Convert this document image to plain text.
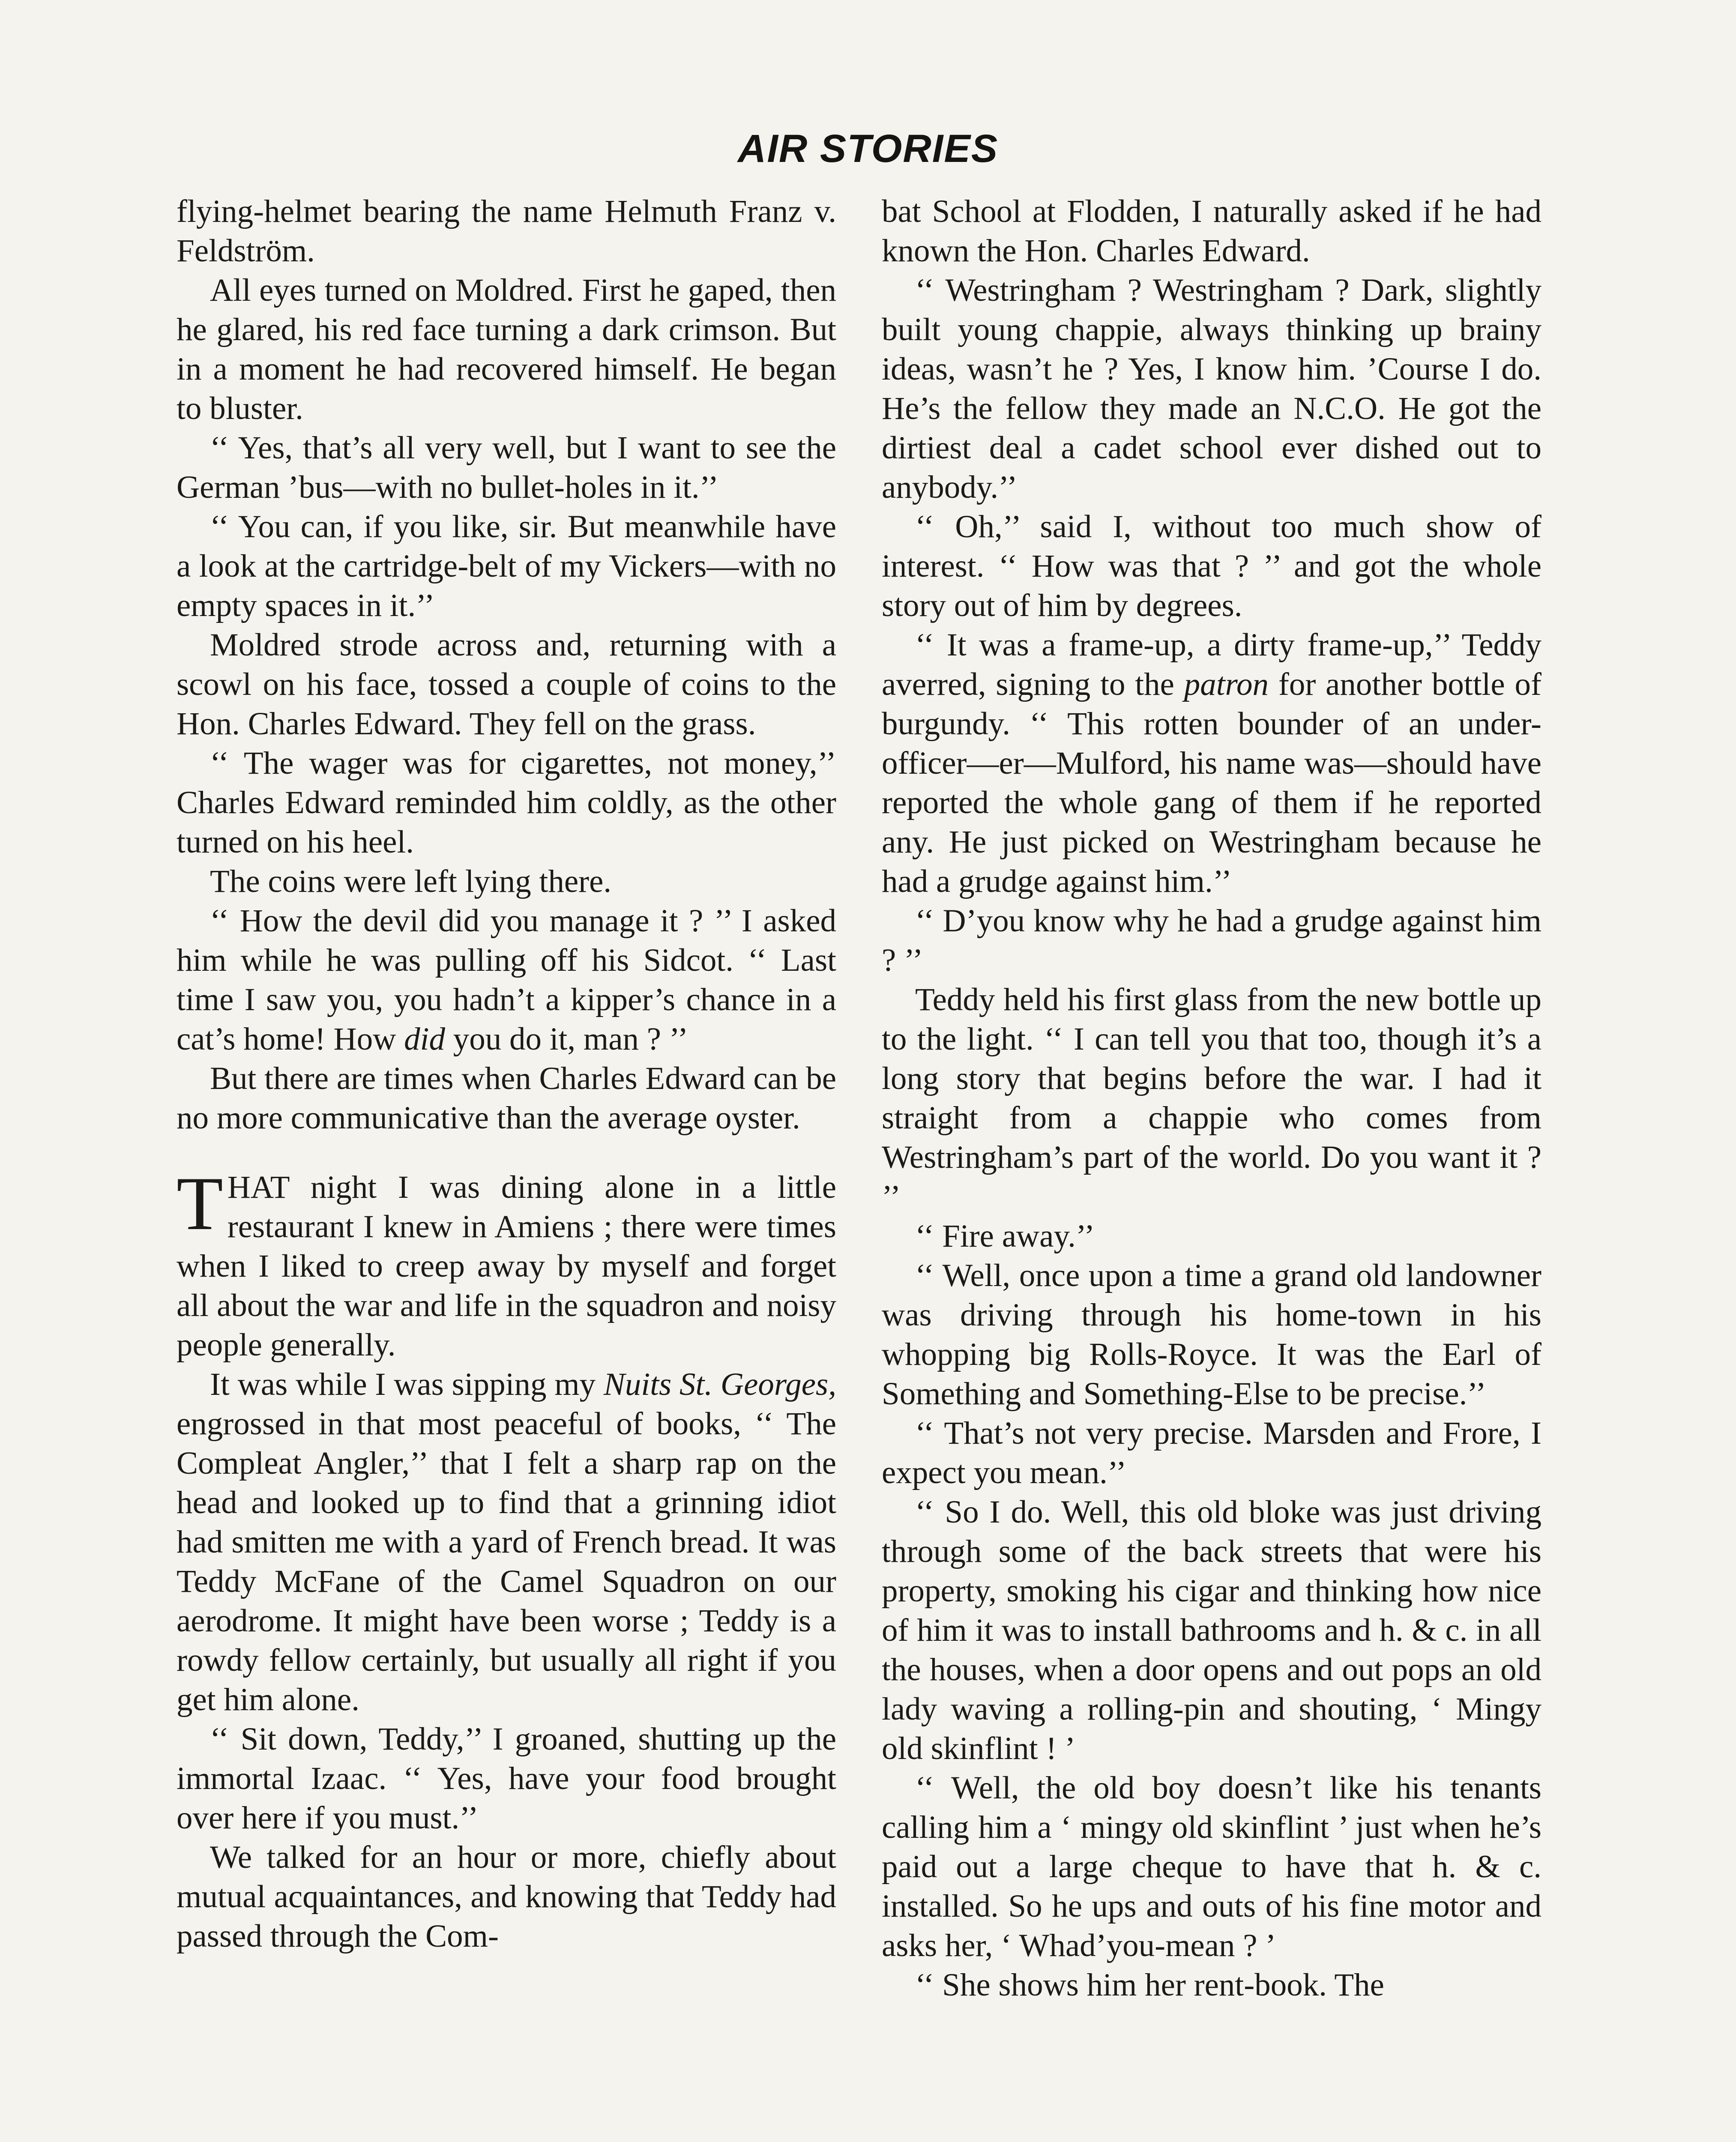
AIR STORIES

flying-helmet bearing the name Helmuth Franz v. Feldström.

All eyes turned on Moldred. First he gaped, then he glared, his red face turning a dark crimson. But in a moment he had recovered himself. He began to bluster.

‘‘ Yes, that’s all very well, but I want to see the German ’bus—with no bullet-holes in it.’’

‘‘ You can, if you like, sir. But meanwhile have a look at the cartridge-belt of my Vickers—with no empty spaces in it.’’

Moldred strode across and, returning with a scowl on his face, tossed a couple of coins to the Hon. Charles Edward. They fell on the grass.

‘‘ The wager was for cigarettes, not money,’’ Charles Edward reminded him coldly, as the other turned on his heel.

The coins were left lying there.

‘‘ How the devil did you manage it ? ’’ I asked him while he was pulling off his Sidcot. ‘‘ Last time I saw you, you hadn’t a kipper’s chance in a cat’s home! How did you do it, man ? ’’

But there are times when Charles Edward can be no more communicative than the average oyster.

THAT night I was dining alone in a little restaurant I knew in Amiens ; there were times when I liked to creep away by myself and forget all about the war and life in the squadron and noisy people generally.

It was while I was sipping my Nuits St. Georges, engrossed in that most peaceful of books, ‘‘ The Compleat Angler,’’ that I felt a sharp rap on the head and looked up to find that a grinning idiot had smitten me with a yard of French bread. It was Teddy McFane of the Camel Squadron on our aerodrome. It might have been worse ; Teddy is a rowdy fellow certainly, but usually all right if you get him alone.

‘‘ Sit down, Teddy,’’ I groaned, shutting up the immortal Izaac. ‘‘ Yes, have your food brought over here if you must.’’

We talked for an hour or more, chiefly about mutual acquaintances, and knowing that Teddy had passed through the Com-

bat School at Flodden, I naturally asked if he had known the Hon. Charles Edward.

‘‘ Westringham ? Westringham ? Dark, slightly built young chappie, always thinking up brainy ideas, wasn’t he ? Yes, I know him. ’Course I do. He’s the fellow they made an N.C.O. He got the dirtiest deal a cadet school ever dished out to anybody.’’

‘‘ Oh,’’ said I, without too much show of interest. ‘‘ How was that ? ’’ and got the whole story out of him by degrees.

‘‘ It was a frame-up, a dirty frame-up,’’ Teddy averred, signing to the patron for another bottle of burgundy. ‘‘ This rotten bounder of an under-officer—er—Mulford, his name was—should have reported the whole gang of them if he reported any. He just picked on Westringham because he had a grudge against him.’’

‘‘ D’you know why he had a grudge against him ? ’’

Teddy held his first glass from the new bottle up to the light. ‘‘ I can tell you that too, though it’s a long story that begins before the war. I had it straight from a chappie who comes from Westringham’s part of the world. Do you want it ? ’’

‘‘ Fire away.’’

‘‘ Well, once upon a time a grand old landowner was driving through his home-town in his whopping big Rolls-Royce. It was the Earl of Something and Something-Else to be precise.’’

‘‘ That’s not very precise. Marsden and Frore, I expect you mean.’’

‘‘ So I do. Well, this old bloke was just driving through some of the back streets that were his property, smoking his cigar and thinking how nice of him it was to install bathrooms and h. & c. in all the houses, when a door opens and out pops an old lady waving a rolling-pin and shouting, ‘ Mingy old skinflint ! ’

‘‘ Well, the old boy doesn’t like his tenants calling him a ‘ mingy old skinflint ’ just when he’s paid out a large cheque to have that h. & c. installed. So he ups and outs of his fine motor and asks her, ‘ Whad’you-mean ? ’

‘‘ She shows him her rent-book. The
